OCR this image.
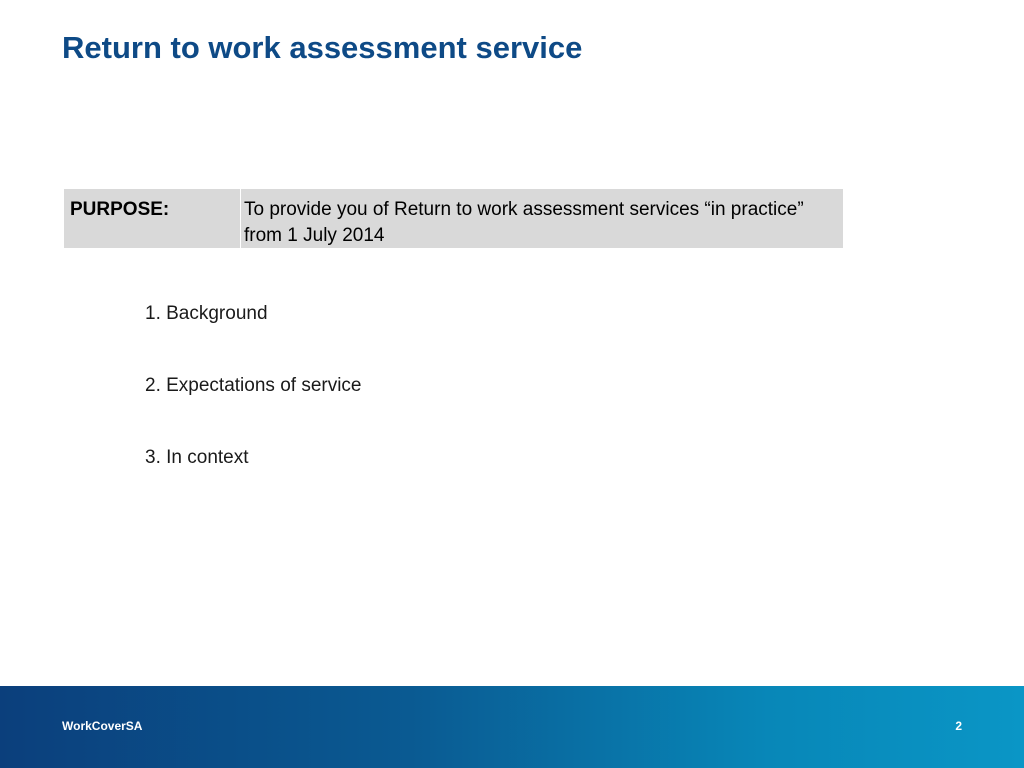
Return to work assessment service
PURPOSE:	To provide you of Return to work assessment services “in practice” from 1 July 2014
1. Background
2. Expectations of service
3. In context
WorkCoverSA	2
